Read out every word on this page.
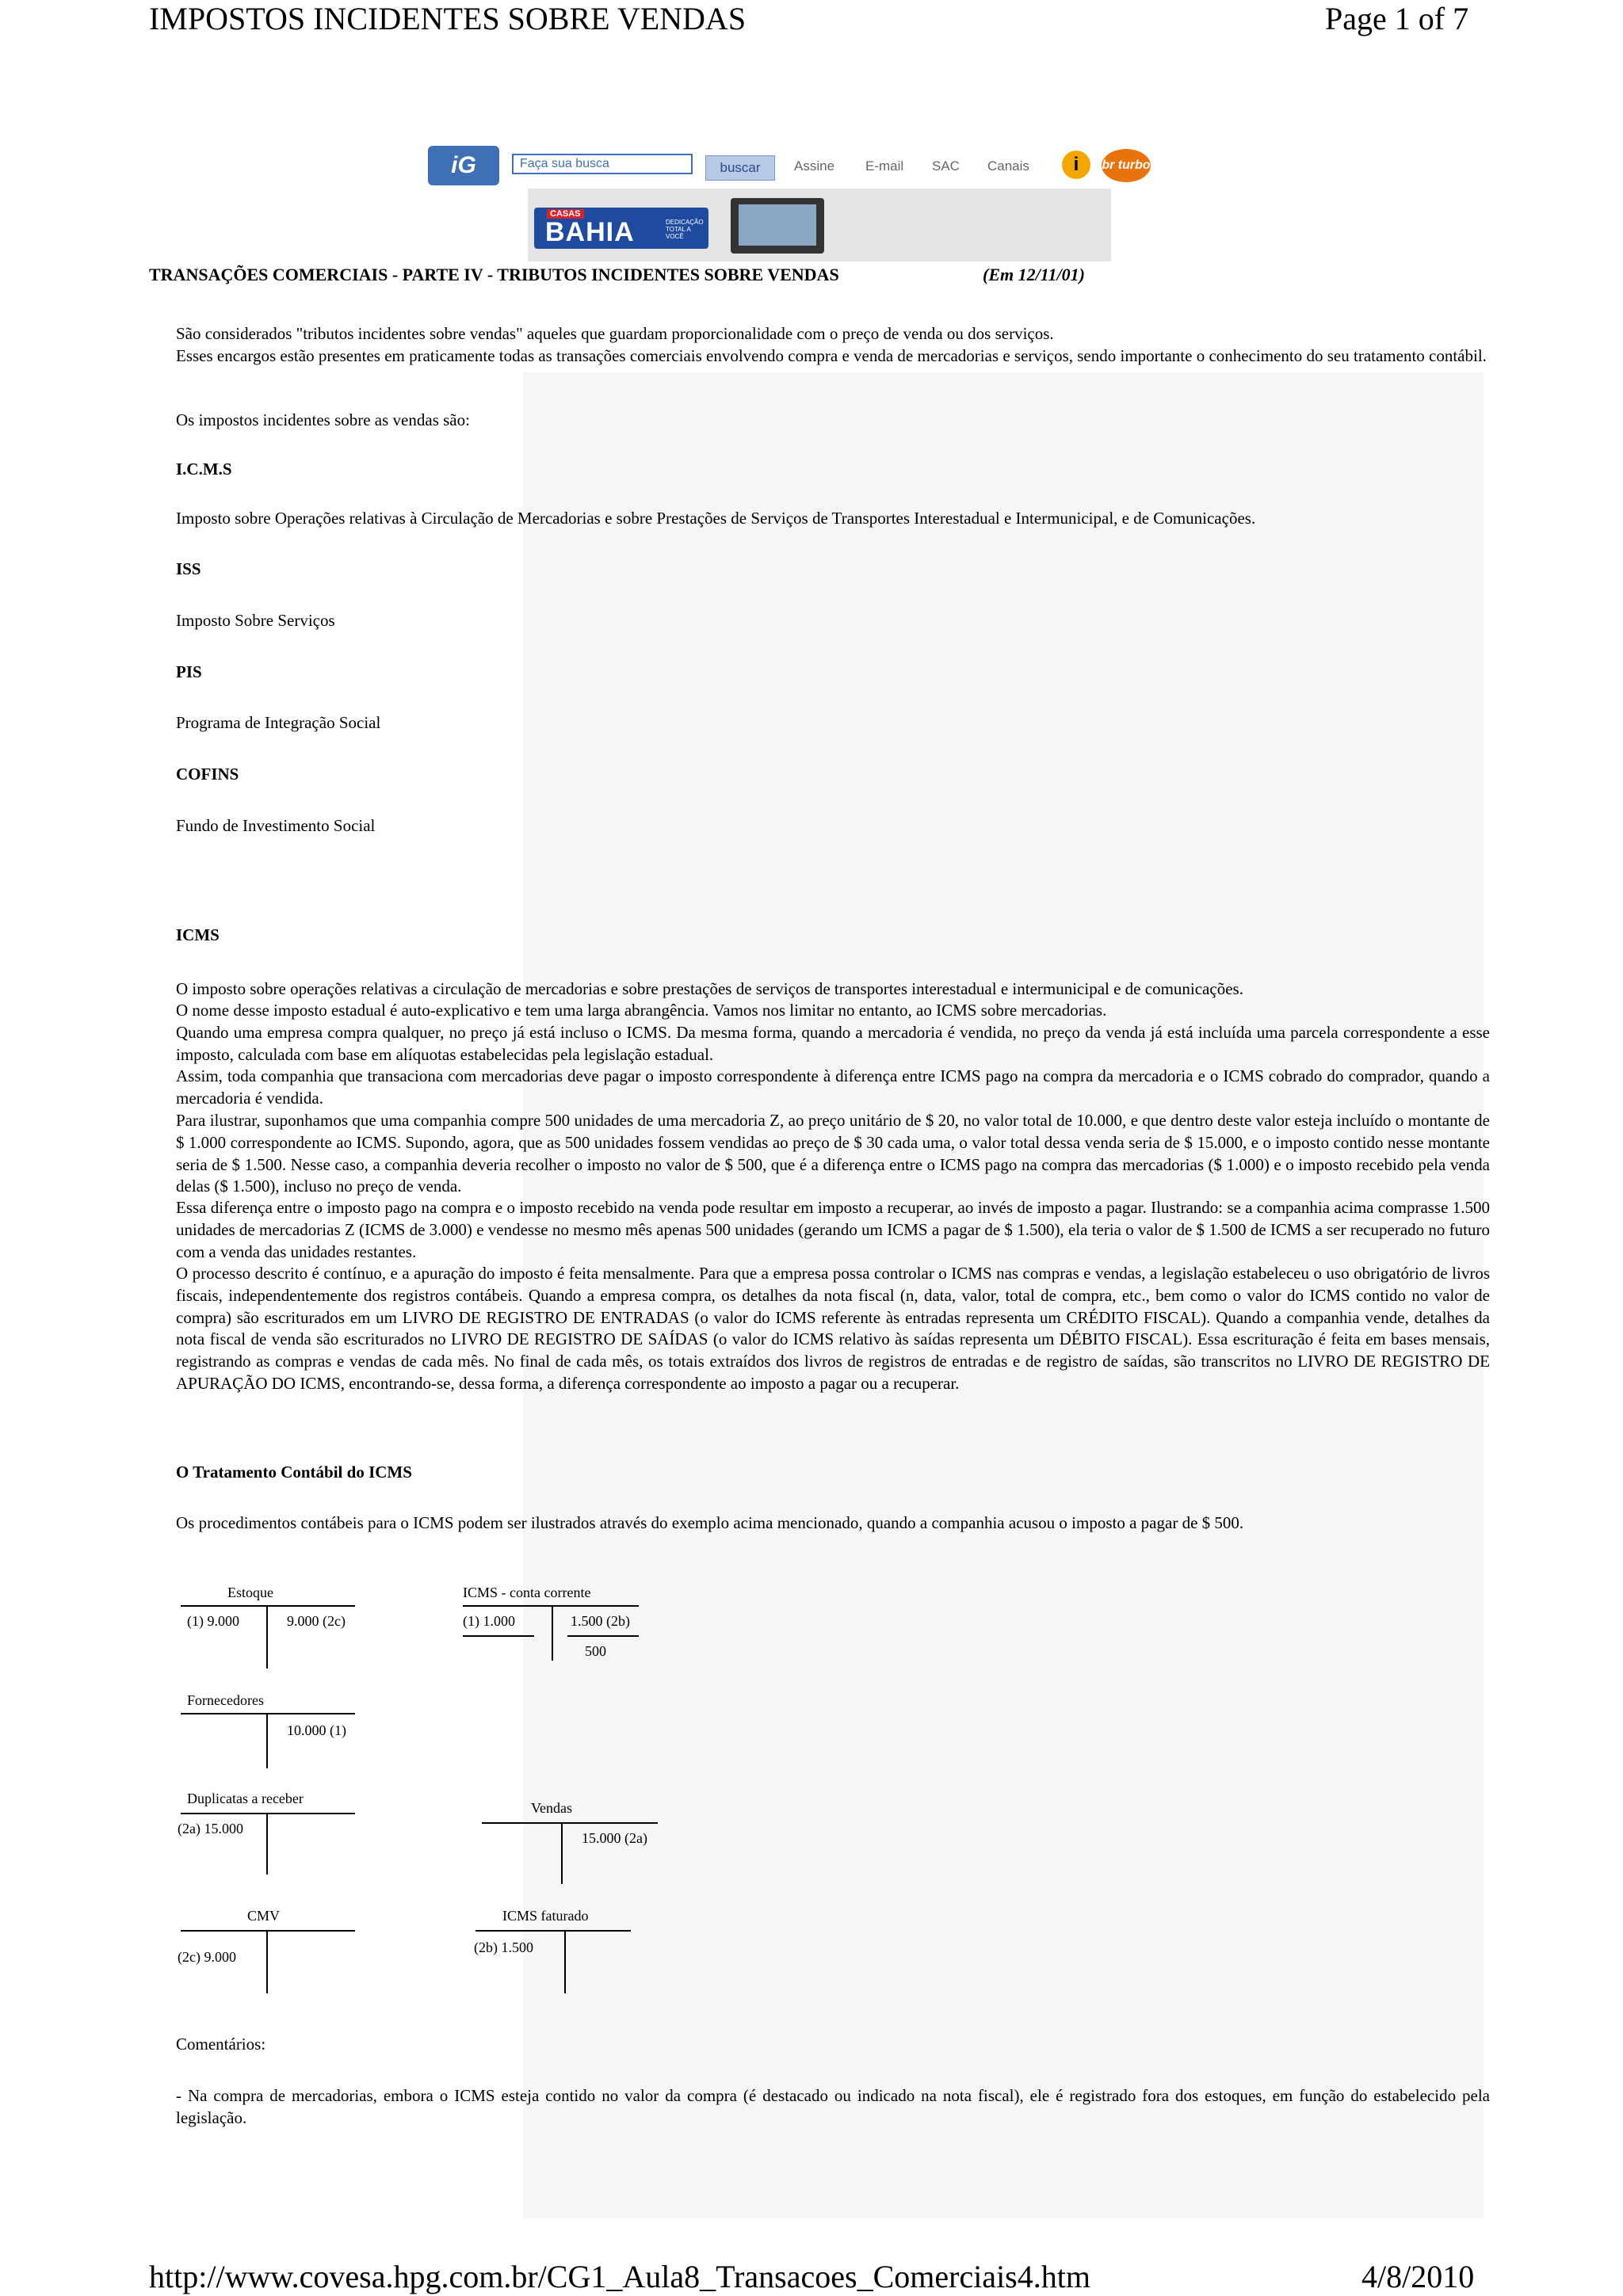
IMPOSTOS INCIDENTES SOBRE VENDAS	Page 1 of 7
iG	Faça sua busca	buscar	Assine E-mail SAC Canais	i	br turbo
CASAS
BAHIA	DEDICAÇÃO TOTAL A VOCÊ
TRANSAÇÕES COMERCIAIS - PARTE IV - TRIBUTOS INCIDENTES SOBRE VENDAS	(Em 12/11/01)
São considerados "tributos incidentes sobre vendas" aqueles que guardam proporcionalidade com o preço de venda ou dos serviços.
Esses encargos estão presentes em praticamente todas as transações comerciais envolvendo compra e venda de mercadorias e serviços, sendo importante o conhecimento do seu tratamento contábil.
Os impostos incidentes sobre as vendas são:
I.C.M.S
Imposto sobre Operações relativas à Circulação de Mercadorias e sobre Prestações de Serviços de Transportes Interestadual e Intermunicipal, e de Comunicações.
ISS
Imposto Sobre Serviços
PIS
Programa de Integração Social
COFINS
Fundo de Investimento Social
ICMS
O imposto sobre operações relativas a circulação de mercadorias e sobre prestações de serviços de transportes interestadual e intermunicipal e de comunicações.
O nome desse imposto estadual é auto-explicativo e tem uma larga abrangência. Vamos nos limitar no entanto, ao ICMS sobre mercadorias.
Quando uma empresa compra qualquer, no preço já está incluso o ICMS. Da mesma forma, quando a mercadoria é vendida, no preço da venda já está incluída uma parcela correspondente a esse imposto, calculada com base em alíquotas estabelecidas pela legislação estadual.
Assim, toda companhia que transaciona com mercadorias deve pagar o imposto correspondente à diferença entre ICMS pago na compra da mercadoria e o ICMS cobrado do comprador, quando a mercadoria é vendida.
Para ilustrar, suponhamos que uma companhia compre 500 unidades de uma mercadoria Z, ao preço unitário de $ 20, no valor total de 10.000, e que dentro deste valor esteja incluído o montante de $ 1.000 correspondente ao ICMS. Supondo, agora, que as 500 unidades fossem vendidas ao preço de $ 30 cada uma, o valor total dessa venda seria de $ 15.000, e o imposto contido nesse montante seria de $ 1.500. Nesse caso, a companhia deveria recolher o imposto no valor de $ 500, que é a diferença entre o ICMS pago na compra das mercadorias ($ 1.000) e o imposto recebido pela venda delas ($ 1.500), incluso no preço de venda.
Essa diferença entre o imposto pago na compra e o imposto recebido na venda pode resultar em imposto a recuperar, ao invés de imposto a pagar. Ilustrando: se a companhia acima comprasse 1.500 unidades de mercadorias Z (ICMS de 3.000) e vendesse no mesmo mês apenas 500 unidades (gerando um ICMS a pagar de $ 1.500), ela teria o valor de $ 1.500 de ICMS a ser recuperado no futuro com a venda das unidades restantes.
O processo descrito é contínuo, e a apuração do imposto é feita mensalmente. Para que a empresa possa controlar o ICMS nas compras e vendas, a legislação estabeleceu o uso obrigatório de livros fiscais, independentemente dos registros contábeis. Quando a empresa compra, os detalhes da nota fiscal (n, data, valor, total de compra, etc., bem como o valor do ICMS contido no valor de compra) são escriturados em um LIVRO DE REGISTRO DE ENTRADAS (o valor do ICMS referente às entradas representa um CRÉDITO FISCAL). Quando a companhia vende, detalhes da nota fiscal de venda são escriturados no LIVRO DE REGISTRO DE SAÍDAS (o valor do ICMS relativo às saídas representa um DÉBITO FISCAL). Essa escrituração é feita em bases mensais, registrando as compras e vendas de cada mês. No final de cada mês, os totais extraídos dos livros de registros de entradas e de registro de saídas, são transcritos no LIVRO DE REGISTRO DE APURAÇÃO DO ICMS, encontrando-se, dessa forma, a diferença correspondente ao imposto a pagar ou a recuperar.
O Tratamento Contábil do ICMS
Os procedimentos contábeis para o ICMS podem ser ilustrados através do exemplo acima mencionado, quando a companhia acusou o imposto a pagar de $ 500.
Estoque
(1) 9.000	9.000 (2c)
ICMS - conta corrente
(1) 1.000	1.500 (2b)
500
Fornecedores
10.000 (1)
Duplicatas a receber
(2a) 15.000
Vendas
15.000 (2a)
CMV
(2c) 9.000
ICMS faturado
(2b) 1.500
Comentários:
- Na compra de mercadorias, embora o ICMS esteja contido no valor da compra (é destacado ou indicado na nota fiscal), ele é registrado fora dos estoques, em função do estabelecido pela legislação.
http://www.covesa.hpg.com.br/CG1_Aula8_Transacoes_Comerciais4.htm	4/8/2010
